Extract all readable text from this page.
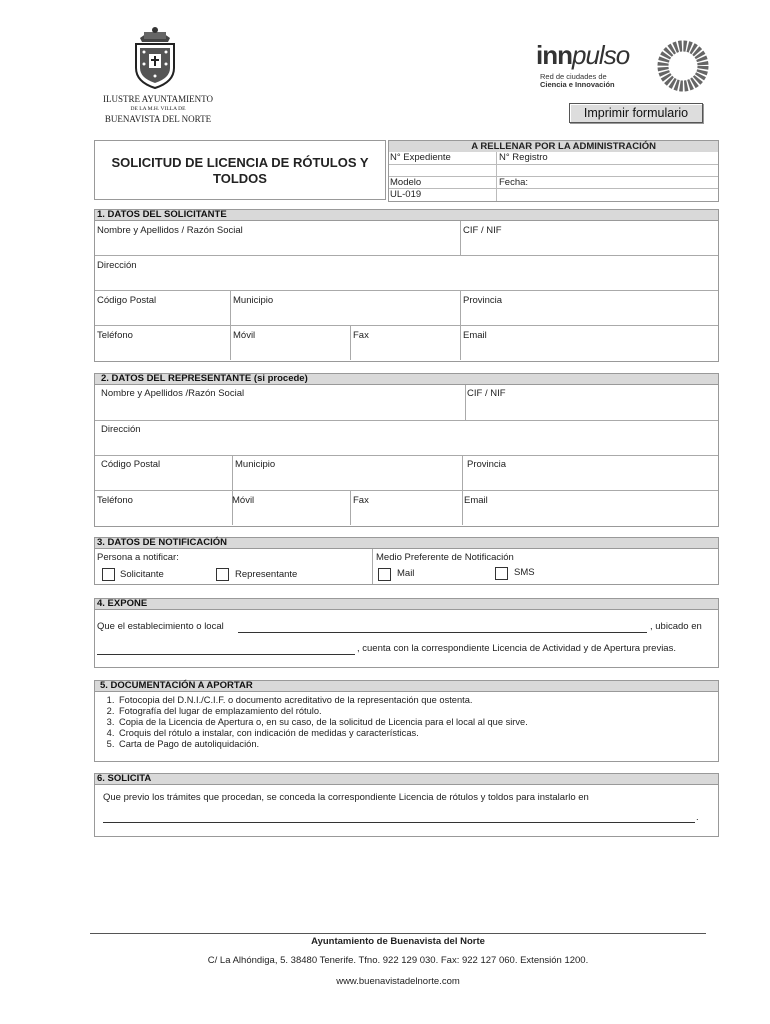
ILUSTRE AYUNTAMIENTO
DE LA M.H. VILLA DE
BUENAVISTA DEL NORTE
innpulso
Red de ciudades de
Ciencia e Innovación
Imprimir formulario
SOLICITUD DE LICENCIA DE RÓTULOS Y
TOLDOS
A RELLENAR POR LA ADMINISTRACIÓN
N° Expediente	N° Registro
Modelo	Fecha:
UL-019
1. DATOS DEL SOLICITANTE
Nombre y Apellidos / Razón Social	CIF / NIF
Dirección
Código Postal	Municipio	Provincia
Teléfono	Móvil	Fax	Email
2. DATOS DEL REPRESENTANTE (si procede)
Nombre y Apellidos /Razón Social	CIF / NIF
Dirección
Código Postal	Municipio	Provincia
Teléfono	Móvil	Fax	Email
3. DATOS DE NOTIFICACIÓN
Persona a notificar:	Medio Preferente de Notificación
Solicitante	Representante	Mail	SMS
4. EXPONE
Que el establecimiento o local	, ubicado en
, cuenta con la correspondiente Licencia de Actividad y de Apertura previas.
5. DOCUMENTACIÓN A APORTAR
1. Fotocopia del D.N.I./C.I.F. o documento acreditativo de la representación que ostenta.
2. Fotografía del lugar de emplazamiento del rótulo.
3. Copia de la Licencia de Apertura o, en su caso, de la solicitud de Licencia para el local al que sirve.
4. Croquis del rótulo a instalar, con indicación de medidas y características.
5. Carta de Pago de autoliquidación.
6. SOLICITA
Que previo los trámites que procedan, se conceda la correspondiente Licencia de rótulos y toldos para instalarlo en
.
Ayuntamiento de Buenavista del Norte
C/ La Alhóndiga, 5. 38480 Tenerife. Tfno. 922 129 030. Fax: 922 127 060. Extensión 1200.
www.buenavistadelnorte.com
